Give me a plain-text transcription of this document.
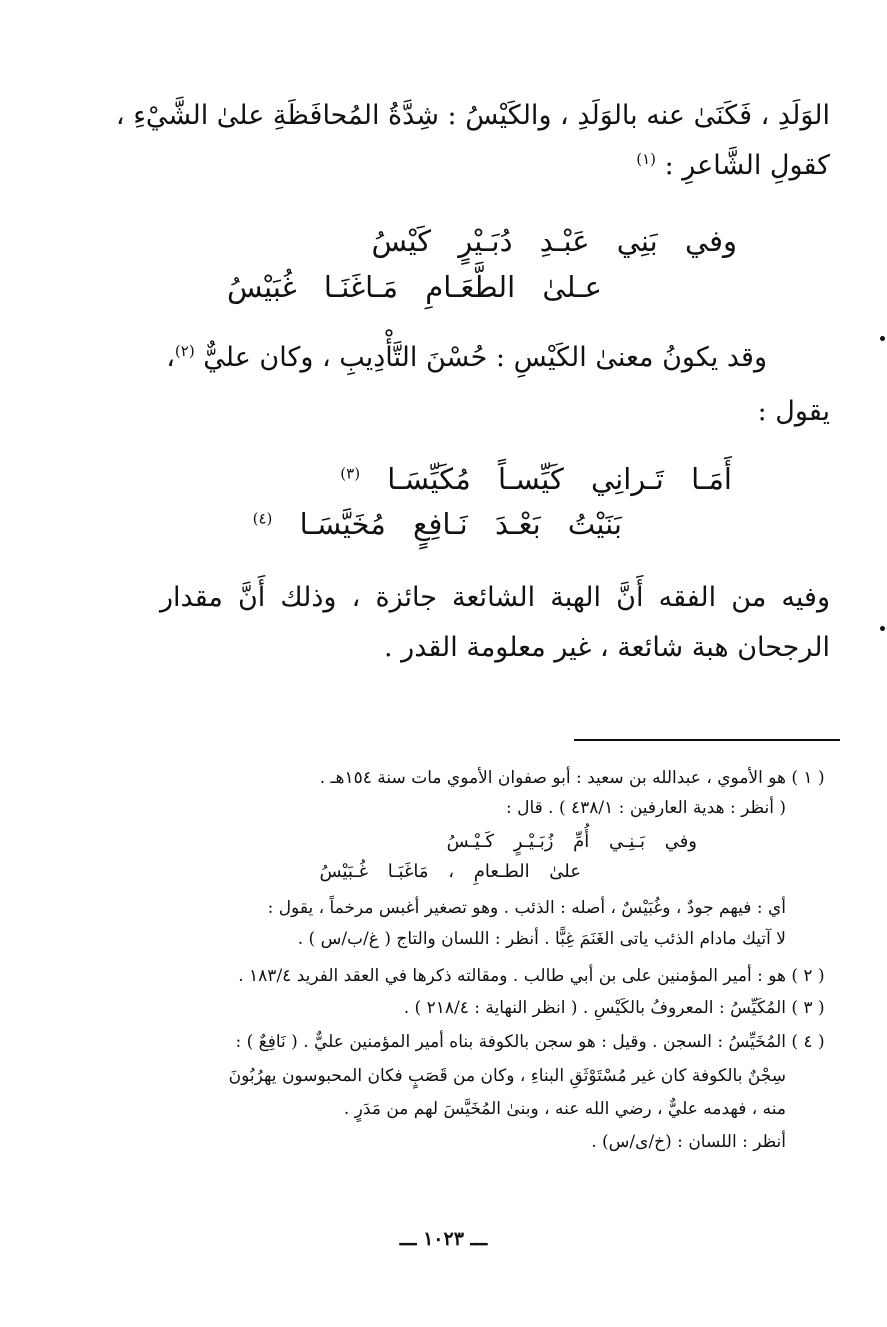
الوَلَدِ ، فَكَنَىٰ عنه بالوَلَدِ ، والكَيْسُ : شِدَّةُ المُحافَظَةِ علىٰ الشَّيْءِ ،
كقولِ الشَّاعرِ : $^{(١)}$
وفي بَنِي عَبْـدِ دُبَـيْرٍ كَيْسُ
عـلىٰ الطَّعَـامِ مَـاغَنَـا غُبَيْسُ
وقد يكونُ معنىٰ الكَيْسِ : حُسْنَ التَّأْدِيبِ ، وكان عليٌّ $^{(٢)}$،
يقول :
أَمَـا تَـرانِي كَيِّسـاً مُكَيِّسَـا $^{(٣)}$
بَنَيْتُ بَعْـدَ نَـافِعٍ مُخَيَّسَـا $^{(٤)}$
وفيه من الفقه أَنَّ الهبة الشائعة جائزة ، وذلك أَنَّ مقدار
الرجحان هبة شائعة ، غير معلومة القدر .
( ١ )هو الأموي ، عبدالله بن سعيد : أبو صفوان الأموي مات سنة ١٥٤هـ .
( أنظر : هدية العارفين : ٤٣٨/١ ) . قال :
وفي بَـنِـي أُمِّ زُبَـيْـرٍ كَـيْـسُ
علىٰ الطـعامِ ، مَاغَبَـا غُـبَيْسُ
أي : فيهم جودٌ ، وغُبَيْسٌ ، أصله : الذئب . وهو تصغير أغبس مرخماً ، يقول :
لا آتيك مادام الذئب ياتى الغَنَمَ غِبًّا . أنظر : اللسان والتاج ( غ/ب/س ) .
( ٢ )هو : أمير المؤمنين على بن أبي طالب . ومقالته ذكرها في العقد الفريد ١٨٣/٤ .
( ٣ )المُكَيِّسُ : المعروفُ بالكَيْسِ . ( انظر النهاية : ٢١٨/٤ ) .
( ٤ )المُخَيِّسُ : السجن . وقيل : هو سجن بالكوفة بناه أمير المؤمنين عليٌّ . ( نَافِعٌ ) :
سِجْنٌ بالكوفة كان غير مُسْتَوْثَقِ البناءِ ، وكان من قَصَبٍ فكان المحبوسون يهرُبُونَ
منه ، فهدمه عليٌّ ، رضي الله عنه ، وبنىٰ المُخَيَّسَ لهم من مَدَرٍ .
أنظر : اللسان : (خ/ى/س) .
ـــ ١٠٢٣ ـــ
